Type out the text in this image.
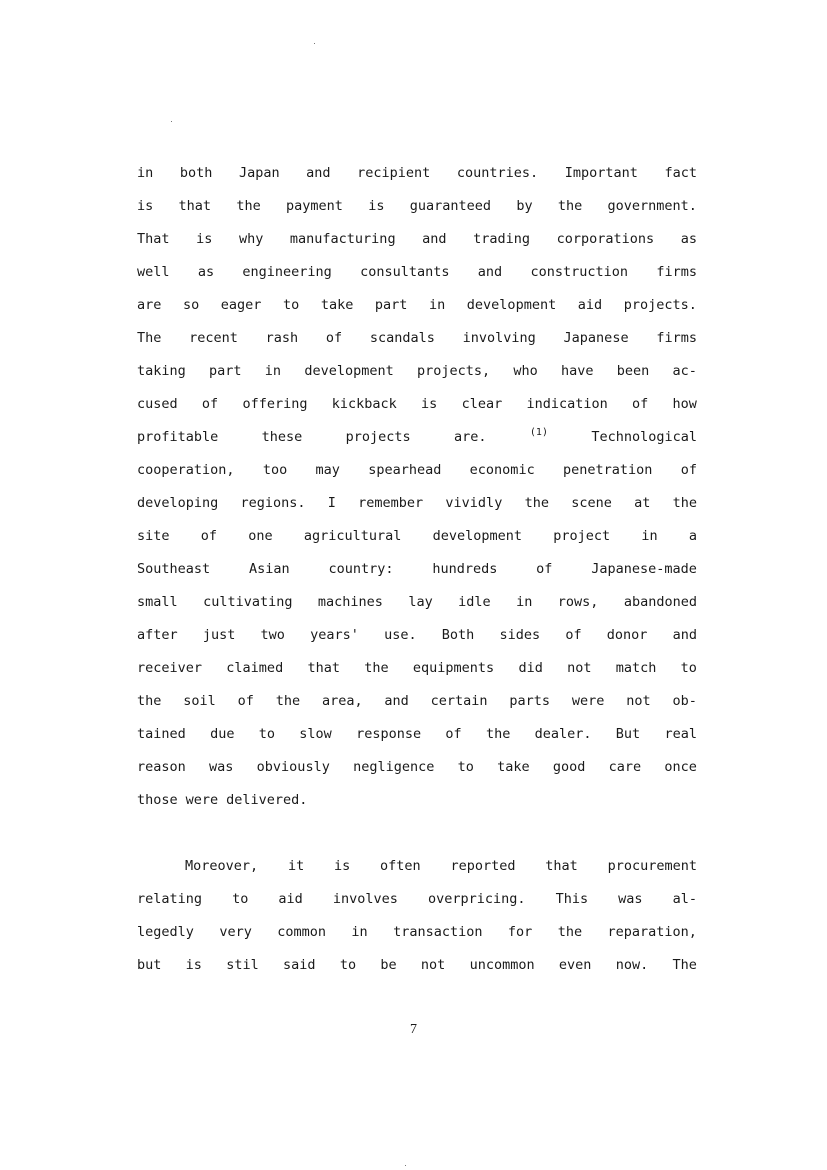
in both Japan and recipient countries. Important fact
is that the payment is guaranteed by the government.
That is why manufacturing and trading corporations as
well as engineering consultants and construction firms
are so eager to take part in development aid projects.
The recent rash of scandals involving Japanese firms
taking part in development projects, who have been ac-
cused of offering kickback is clear indication of how
profitable	these	projects	are.	(1)	Technological
cooperation, too may spearhead economic penetration of
developing regions. I remember vividly the scene at the
site of one agricultural development project in a
Southeast	Asian	country:	hundreds	of	Japanese-made
small cultivating machines lay idle in rows, abandoned
after just two years' use. Both sides of donor and
receiver claimed that the equipments did not match to
the soil of the area, and certain parts were not ob-
tained due to slow response of the dealer. But real
reason was obviously negligence to take good care once
those were delivered.
Moreover, it is often reported that procurement
relating to aid involves overpricing. This was al-
legedly very common in transaction for the reparation,
but is stil said to be not uncommon even now. The
7
